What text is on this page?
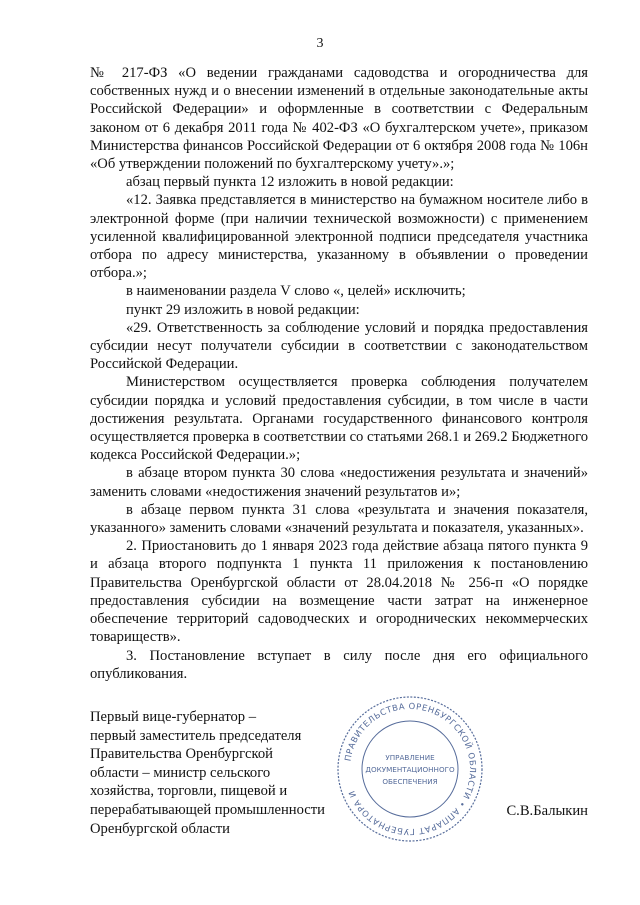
3

№ 217-ФЗ «О ведении гражданами садоводства и огородничества для собственных нужд и о внесении изменений в отдельные законодательные акты Российской Федерации» и оформленные в соответствии с Федеральным законом от 6 декабря 2011 года № 402-ФЗ «О бухгалтерском учете», приказом Министерства финансов Российской Федерации от 6 октября 2008 года № 106н «Об утверждении положений по бухгалтерскому учету».»;

абзац первый пункта 12 изложить в новой редакции:

«12. Заявка представляется в министерство на бумажном носителе либо в электронной форме (при наличии технической возможности) с применением усиленной квалифицированной электронной подписи председателя участника отбора по адресу министерства, указанному в объявлении о проведении отбора.»;

в наименовании раздела V слово «, целей» исключить;

пункт 29 изложить в новой редакции:

«29. Ответственность за соблюдение условий и порядка предоставления субсидии несут получатели субсидии в соответствии с законодательством Российской Федерации.

Министерством осуществляется проверка соблюдения получателем субсидии порядка и условий предоставления субсидии, в том числе в части достижения результата. Органами государственного финансового контроля осуществляется проверка в соответствии со статьями 268.1 и 269.2 Бюджетного кодекса Российской Федерации.»;

в абзаце втором пункта 30 слова «недостижения результата и значений» заменить словами «недостижения значений результатов и»;

в абзаце первом пункта 31 слова «результата и значения показателя, указанного» заменить словами «значений результата и показателя, указанных».

2. Приостановить до 1 января 2023 года действие абзаца пятого пункта 9 и абзаца второго подпункта 1 пункта 11 приложения к постановлению Правительства Оренбургской области от 28.04.2018 № 256-п «О порядке предоставления субсидии на возмещение части затрат на инженерное обеспечение территорий садоводческих и огороднических некоммерческих товариществ».

3. Постановление вступает в силу после дня его официального опубликования.

Первый вице-губернатор –
первый заместитель председателя
Правительства Оренбургской
области – министр сельского
хозяйства, торговли, пищевой и
перерабатывающей промышленности
Оренбургской области
ПРАВИТЕЛЬСТВА ОРЕНБУРГСКОЙ ОБЛАСТИ • АППАРАТ ГУБЕРНАТОРА И
УПРАВЛЕНИЕ
ДОКУМЕНТАЦИОННОГО
ОБЕСПЕЧЕНИЯ
С.В.Балыкин
